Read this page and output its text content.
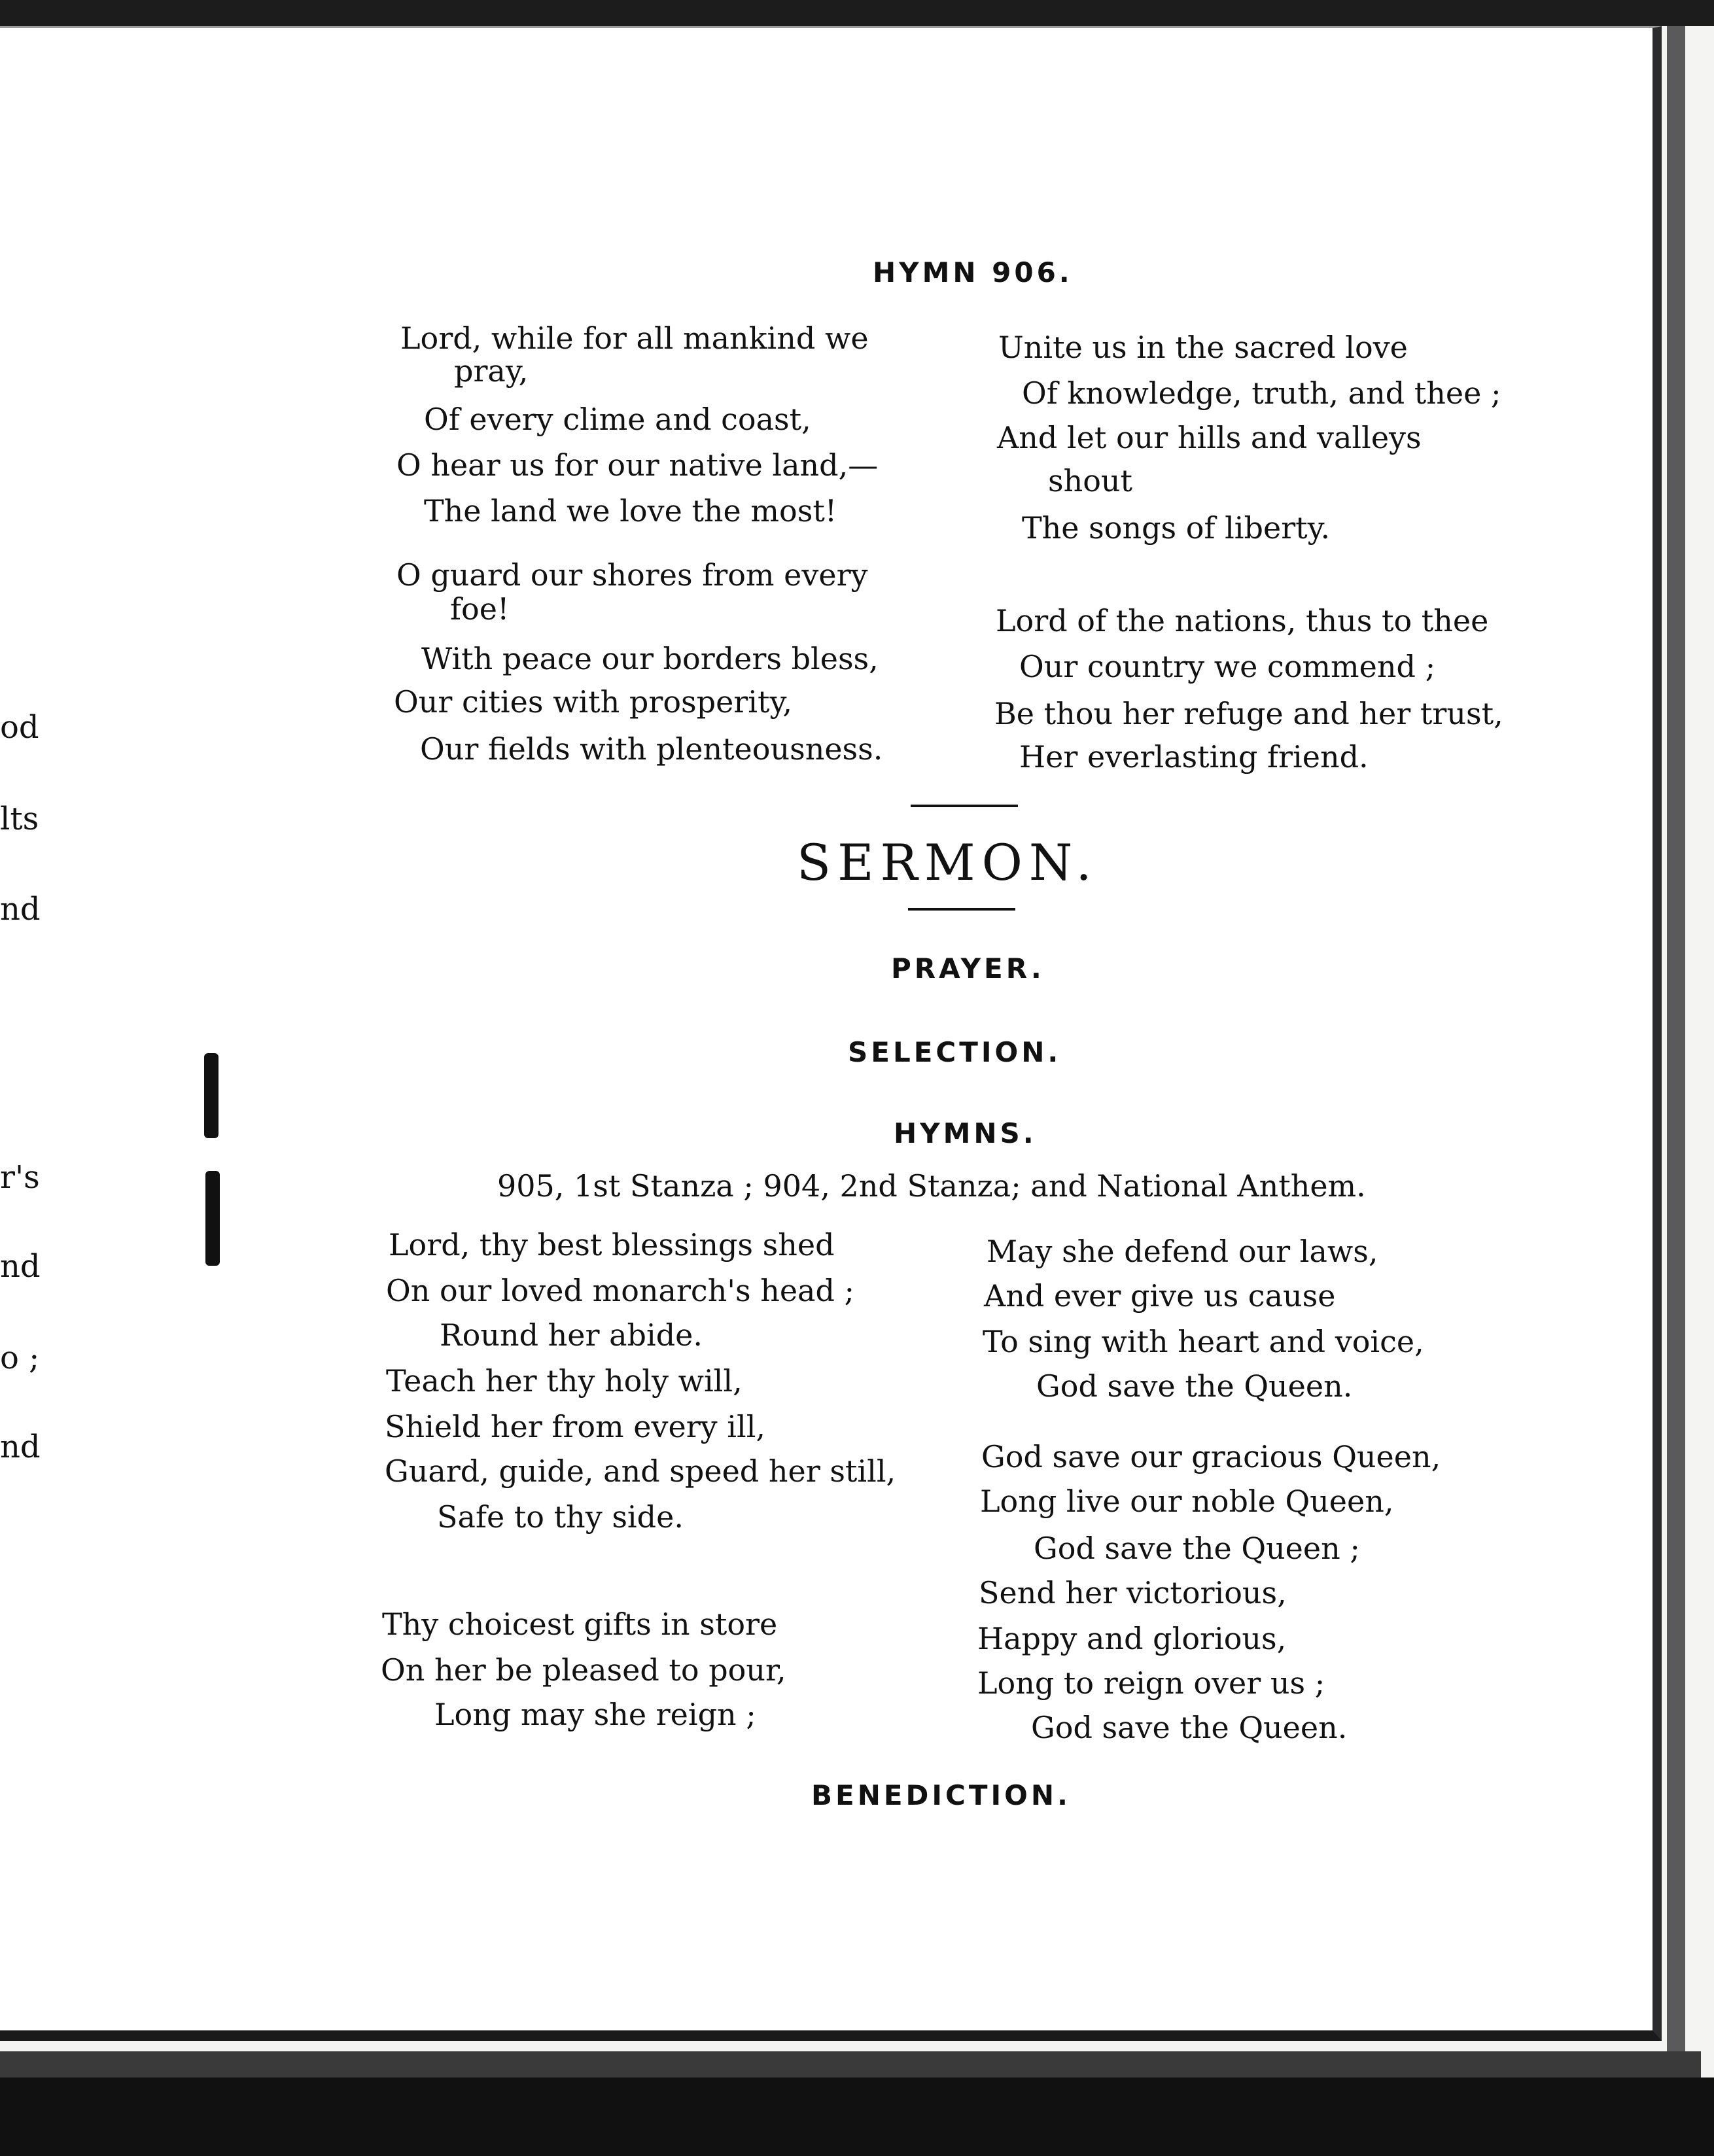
od
lts
nd
r's
nd
o ;
nd
HYMN 906.
Lord, while for all mankind we
pray,
Of every clime and coast,
O hear us for our native land,—
The land we love the most!
O guard our shores from every
foe!
With peace our borders bless,
Our cities with prosperity,
Our fields with plenteousness.
Unite us in the sacred love
Of knowledge, truth, and thee ;
And let our hills and valleys
shout
The songs of liberty.
Lord of the nations, thus to thee
Our country we commend ;
Be thou her refuge and her trust,
Her everlasting friend.
SERMON.
PRAYER.
SELECTION.
HYMNS.
905, 1st Stanza ; 904, 2nd Stanza; and National Anthem.
Lord, thy best blessings shed
On our loved monarch's head ;
Round her abide.
Teach her thy holy will,
Shield her from every ill,
Guard, guide, and speed her still,
Safe to thy side.
Thy choicest gifts in store
On her be pleased to pour,
Long may she reign ;
May she defend our laws,
And ever give us cause
To sing with heart and voice,
God save the Queen.
God save our gracious Queen,
Long live our noble Queen,
God save the Queen ;
Send her victorious,
Happy and glorious,
Long to reign over us ;
God save the Queen.
BENEDICTION.
